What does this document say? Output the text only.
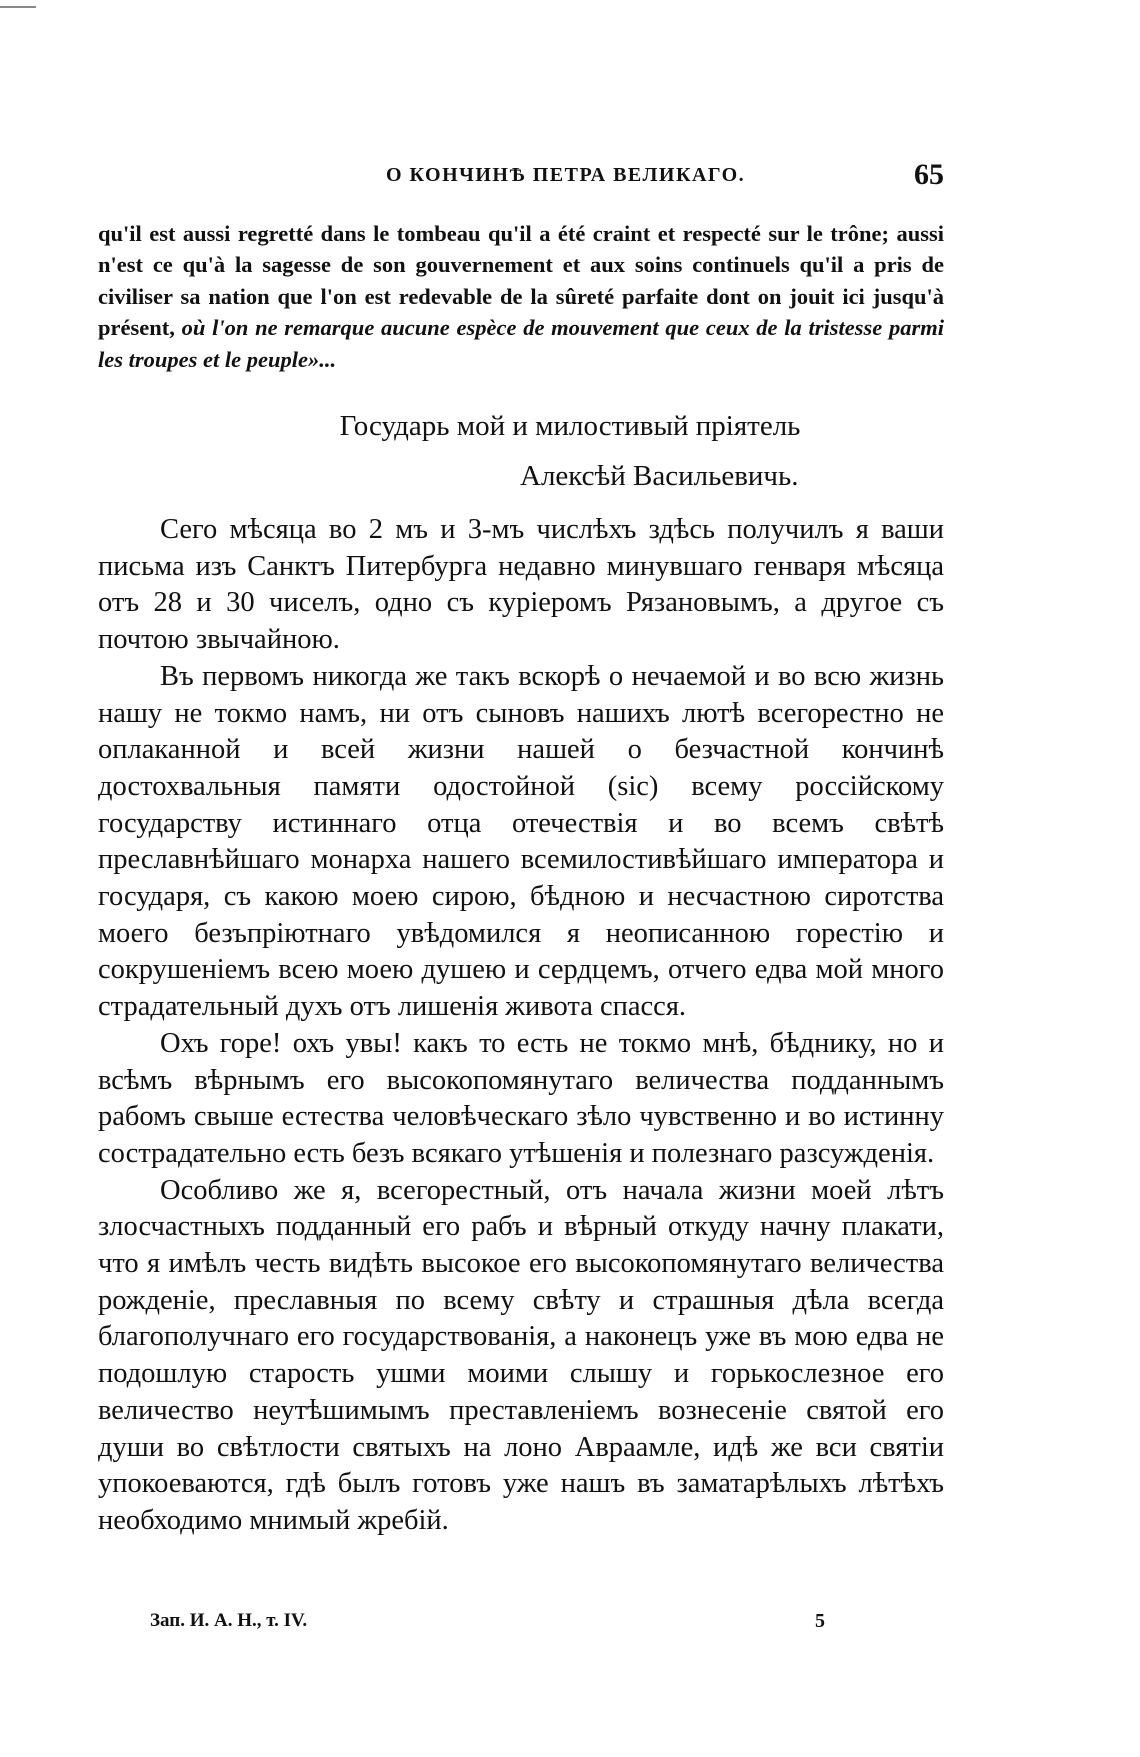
О КОНЧИНѢ ПЕТРА ВЕЛИКАГО.	65
qu'il est aussi regretté dans le tombeau qu'il a été craint et respecté sur le trône; aussi n'est ce qu'à la sagesse de son gouvernement et aux soins continuels qu'il a pris de civiliser sa nation que l'on est redevable de la sûreté parfaite dont on jouit ici jusqu'à présent, où l'on ne remarque aucune espèce de mouvement que ceux de la tristesse parmi les troupes et le peuple»...
Государь мой и милостивый пріятель
Алексѣй Васильевичь.

Сего мѣсяца во 2 мъ и 3-мъ числѣхъ здѣсь получилъ я ваши письма изъ Санктъ Питербурга недавно минувшаго генваря мѣсяца отъ 28 и 30 чиселъ, одно съ куріеромъ Рязановымъ, а другое съ почтою звычайною.

Въ первомъ никогда же такъ вскорѣ о нечаемой и во всю жизнь нашу не токмо намъ, ни отъ сыновъ нашихъ лютѣ всегорестно не оплаканной и всей жизни нашей о безчастной кончинѣ достохвальныя памяти одостойной (sic) всему россійскому государству истиннаго отца отечествія и во всемъ свѣтѣ преславнѣйшаго монарха нашего всемилостивѣйшаго императора и государя, съ какою моею сирою, бѣдною и несчастною сиротства моего безъпріютнаго увѣдомился я неописанною горестію и сокрушеніемъ всею моею душею и сердцемъ, отчего едва мой много страдательный духъ отъ лишенія живота спасся.

Охъ горе! охъ увы! какъ то есть не токмо мнѣ, бѣднику, но и всѣмъ вѣрнымъ его высокопомянутаго величества подданнымъ рабомъ свыше естества человѣческаго зѣло чувственно и во истинну сострадательно есть безъ всякаго утѣшенія и полезнаго разсужденія.

Особливо же я, всегорестный, отъ начала жизни моей лѣтъ злосчастныхъ подданный его рабъ и вѣрный откуду начну плакати, что я имѣлъ честь видѣть высокое его высокопомянутаго величества рожденіе, преславныя по всему свѣту и страшныя дѣла всегда благополучнаго его государствованія, а наконецъ уже въ мою едва не подошлую старость ушми моими слышу и горькослезное его величество неутѣшимымъ преставленіемъ вознесеніе святой его души во свѣтлости святыхъ на лоно Авраамле, идѣ же вси святіи упокоеваются, гдѣ былъ готовъ уже нашъ въ заматарѣлыхъ лѣтѣхъ необходимо мнимый жребій.

Зап. И. А. Н., т. IV.	5
